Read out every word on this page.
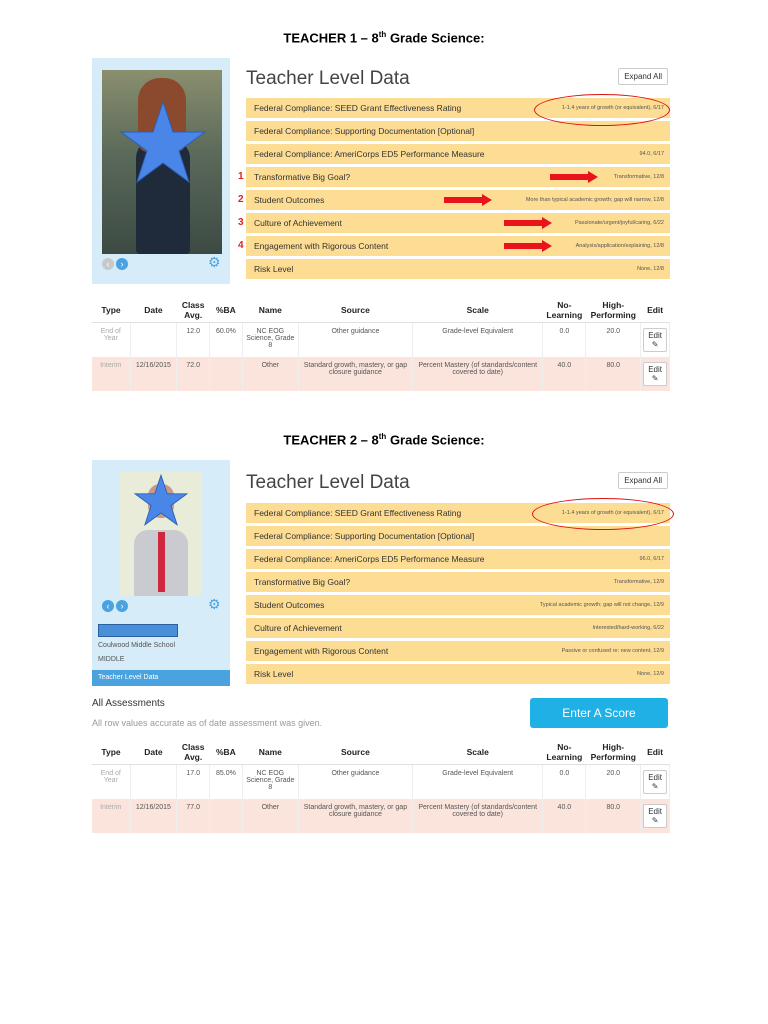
TEACHER 1 – 8th Grade Science:
‹	›	⚙
Teacher Level Data	Expand All
Federal Compliance: SEED Grant Effectiveness Rating	1-1.4 years of growth (or equivalent), 6/17
Federal Compliance: Supporting Documentation [Optional]
Federal Compliance: AmeriCorps ED5 Performance Measure	94.0, 6/17
1 Transformative Big Goal?	Transformative, 12/8
2 Student Outcomes	More than typical academic growth; gap will narrow, 12/8
3 Culture of Achievement	Passionate/urgent/joyful/caring, 6/22
4 Engagement with Rigorous Content	Analysis/application/explaining, 12/8
Risk Level	None, 12/8
Type	Date	Class Avg.	%BA	Name	Source	Scale	No-Learning	High-Performing	Edit
End of Year		12.0	60.0%	NC EOG Science, Grade 8	Other guidance	Grade-level Equivalent	0.0	20.0	Edit ✎
Interim	12/16/2015	72.0		Other	Standard growth, mastery, or gap closure guidance	Percent Mastery (of standards/content covered to date)	40.0	80.0	Edit ✎
TEACHER 2 – 8th Grade Science:
‹	›	⚙
Coulwood Middle School
MIDDLE
Teacher Level Data
Teacher Level Data	Expand All
Federal Compliance: SEED Grant Effectiveness Rating	1-1.4 years of growth (or equivalent), 6/17
Federal Compliance: Supporting Documentation [Optional]
Federal Compliance: AmeriCorps ED5 Performance Measure	96.0, 6/17
Transformative Big Goal?	Transformative, 12/9
Student Outcomes	Typical academic growth; gap will not change, 12/9
Culture of Achievement	Interested/hard-working, 6/22
Engagement with Rigorous Content	Passive or confused re: new content, 12/9
Risk Level	None, 12/9
All Assessments
All row values accurate as of date assessment was given.
Enter A Score
Type	Date	Class Avg.	%BA	Name	Source	Scale	No-Learning	High-Performing	Edit
End of Year		17.0	85.0%	NC EOG Science, Grade 8	Other guidance	Grade-level Equivalent	0.0	20.0	Edit ✎
Interim	12/16/2015	77.0		Other	Standard growth, mastery, or gap closure guidance	Percent Mastery (of standards/content covered to date)	40.0	80.0	Edit ✎
